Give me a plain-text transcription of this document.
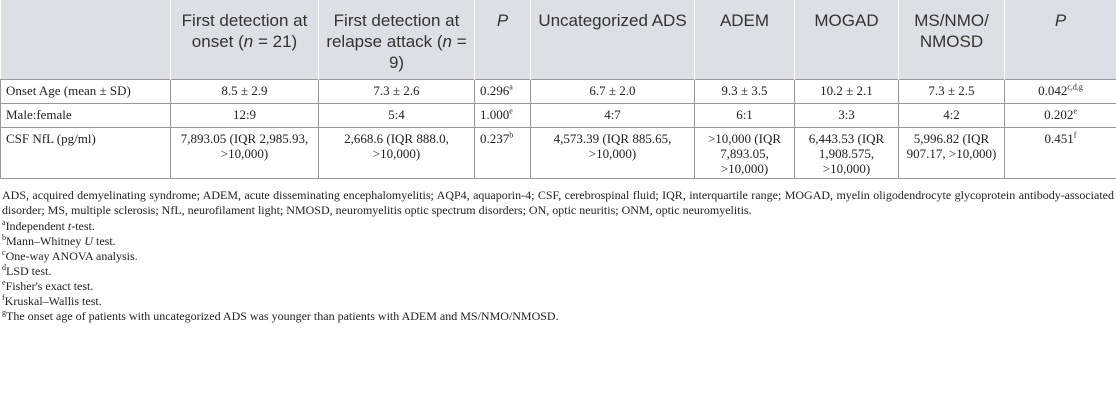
	First detection at onset (n = 21)	First detection at relapse attack (n = 9)	P	Uncategorized ADS	ADEM	MOGAD	MS/NMO/ NMOSD	P
Onset Age (mean ± SD)	8.5 ± 2.9	7.3 ± 2.6	0.296$^a$	6.7 ± 2.0	9.3 ± 3.5	10.2 ± 2.1	7.3 ± 2.5	0.042$^{c,d,g}$
Male:female	12:9	5:4	1.000e	4:7	6:1	3:3	4:2	0.202e
CSF NfL (pg/ml)	7,893.05 (IQR 2,985.93, >10,000)	2,668.6 (IQR 888.0, >10,000)	0.237$^b$	4,573.39 (IQR 885.65, >10,000)	>10,000 (IQR 7,893.05, >10,000)	6,443.53 (IQR 1,908.575, >10,000)	5,996.82 (IQR 907.17, >10,000)	0.451$^f$

ADS, acquired demyelinating syndrome; ADEM, acute disseminating encephalomyelitis; AQP4, aquaporin-4; CSF, cerebrospinal fluid; IQR, interquartile range; MOGAD, myelin oligodendrocyte glycoprotein antibody-associated disorder; MS, multiple sclerosis; NfL, neurofilament light; NMOSD, neuromyelitis optic spectrum disorders; ON, optic neuritis; ONM, optic neuromyelitis.

$^a$Independent t-test.

$^b$Mann–Whitney U test.

$^c$One-way ANOVA analysis.

$^d$LSD test.

$^e$Fisher's exact test.

$^f$Kruskal–Wallis test.

$^g$The onset age of patients with uncategorized ADS was younger than patients with ADEM and MS/NMO/NMOSD.
